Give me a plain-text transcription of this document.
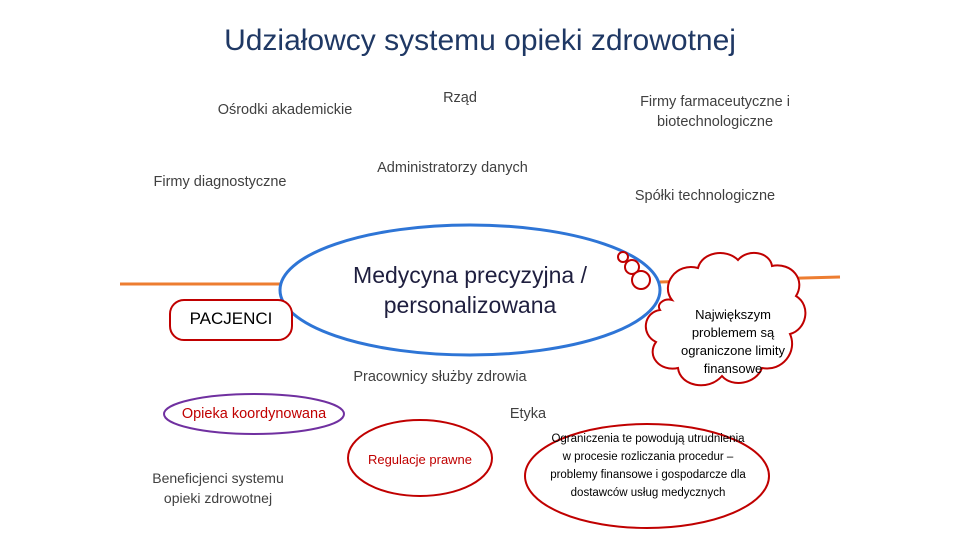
Udziałowcy systemu opieki zdrowotnej
Ośrodki akademickie
Rząd	Firmy farmaceutyczne i biotechnologiczne
Firmy diagnostyczne
Administratorzy danych
Spółki technologiczne
Medycyna precyzyjna / personalizowana
PACJENCI	Największym problemem są ograniczone limity finansowe
Pracownicy służby zdrowia
Opieka koordynowana	Etyka
Regulacje prawne
Beneficjenci systemu opieki zdrowotnej
Ograniczenia te powodują utrudnienia w procesie rozliczania procedur – problemy finansowe i gospodarcze dla dostawców usług medycznych
